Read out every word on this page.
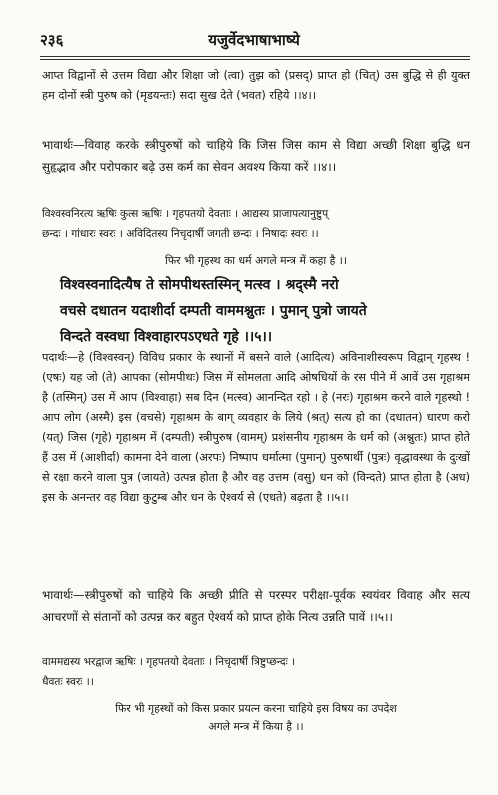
२३६	यजुर्वेदभाषाभाष्ये
आप्त विद्वानों से उत्तम विद्या और शिक्षा जो (त्वा) तुझ को (प्रसद्) प्राप्त हो (चित्) उस बुद्धि से ही युक्त हम दोनों स्त्री पुरुष को (मृडयन्तः) सदा सुख देते (भवत) रहिये ।।४।।
भावार्थः—विवाह करके स्त्रीपुरुषों को चाहिये कि जिस जिस काम से विद्या अच्छी शिक्षा बुद्धि धन सुहृद्भाव और परोपकार बढ़े उस कर्म का सेवन अवश्य किया करें ।।४।।
विश्वस्वनिरत्य ऋषिः कुत्स ऋषिः । गृहपतयो देवताः । आद्यस्य प्राजापत्यानुष्टुप्
छन्दः । गांधारः स्वरः । अविदितस्य निचृदार्षी जगती छन्दः । निषादः स्वरः ।।
फिर भी गृहस्थ का धर्म अगले मन्त्र में कहा है ।।
विश्वस्वनादित्यैष ते सोमपीथस्तस्मिन् मत्स्व । श्रद्स्मै नरो
वचसे दधातन यदाशीर्दा दम्पती वाममश्नुतः । पुमान् पुत्रो जायते
विन्दते वस्वधा विश्वाहारपऽएधते गृहे ।।५।।
पदार्थः—हे (विश्वस्वन्) विविध प्रकार के स्थानों में बसने वाले (आदित्य) अविनाशीस्वरूप विद्वान् गृहस्थ ! (एषः) यह जो (ते) आपका (सोमपीथः) जिस में सोमलता आदि ओषधियों के रस पीने में आवें उस गृहाश्रम है (तस्मिन्) उस में आप (विश्वाहा) सब दिन (मत्स्व) आनन्दित रहो । हे (नरः) गृहाश्रम करने वाले गृहस्थो ! आप लोग (अस्मै) इस (वचसे) गृहाश्रम के बाग् व्यवहार के लिये (श्रत्) सत्य हो का (दधातन) धारण करो (यत्) जिस (गृहे) गृहाश्रम में (दम्पती) स्त्रीपुरुष (वामम्) प्रशंसनीय गृहाश्रम के धर्म को (अश्नुतः) प्राप्त होते हैं उस में (आशीर्दा) कामना देने वाला (अरपः) निष्पाप धर्मात्मा (पुमान्) पुरुषार्थी (पुत्रः) वृद्धावस्था के दुःखों से रक्षा करने वाला पुत्र (जायते) उत्पन्न होता है और वह उत्तम (वसु) धन को (विन्दते) प्राप्त होता है (अध) इस के अनन्तर वह विद्या कुटुम्ब और धन के ऐश्वर्य से (एधते) बढ़ता है ।।५।।
भावार्थः—स्त्रीपुरुषों को चाहिये कि अच्छी प्रीति से परस्पर परीक्षा-पूर्वक स्वयंवर विवाह और सत्य आचरणों से संतानों को उत्पन्न कर बहुत ऐश्वर्य को प्राप्त होके नित्य उन्नति पावें ।।५।।
वाममद्यस्य भरद्वाज ऋषिः । गृहपतयो देवताः । निचृदार्षी त्रिष्टुप्छन्दः ।
धैवतः स्वरः ।।
फिर भी गृहस्थों को किस प्रकार प्रयत्न करना चाहिये इस विषय का उपदेश
अगले मन्त्र में किया है ।।
